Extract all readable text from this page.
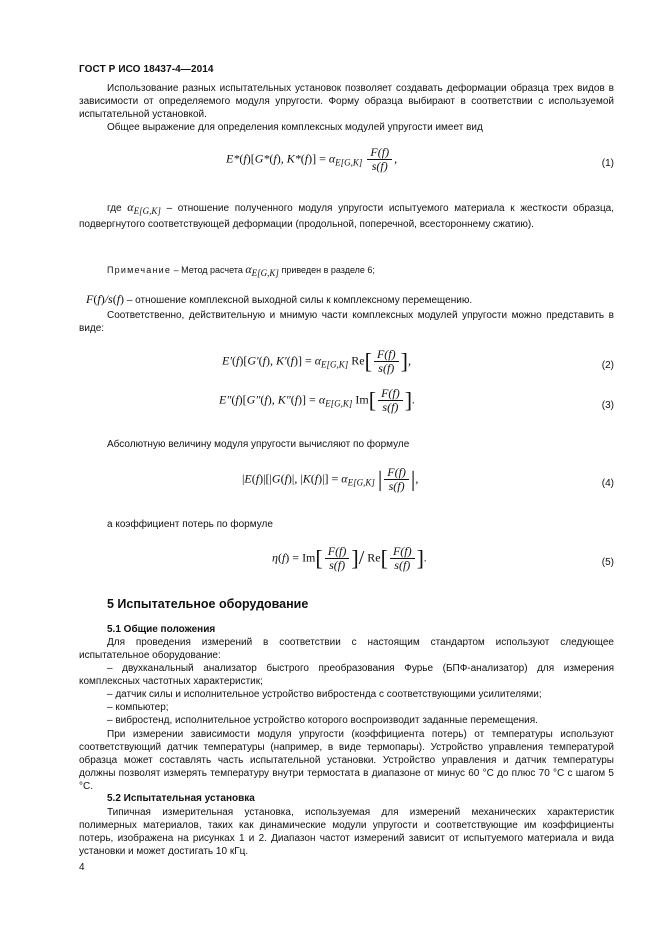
ГОСТ Р ИСО 18437-4—2014

Использование разных испытательных установок позволяет создавать деформации образца трех видов в зависимости от определяемого модуля упругости. Форму образца выбирают в соответствии с используемой испытательной установкой.

Общее выражение для определения комплексных модулей упругости имеет вид

E*(f)[G*(f), $K*(f)] = \alpha_{E[G,K]} \frac{F(f)}{s(f)}$ ,	(1)
где $\alpha_{E[G,K]}$ – отношение полученного модуля упругости испытуемого материала к жесткости образца, подвергнутого соответствующей деформации (продольной, поперечной, всестороннему сжатию).
Примечание – Метод расчета $\alpha_{E[G,K]}$ приведен в разделе 6;
F(f)/s(f) – отношение комплексной выходной силы к комплексному перемещению.

Соответственно, действительную и мнимую части комплексных модулей упругости можно представить в виде:

E′(f)[G′(f), $K'(f)] = \alpha_{E[G,K]}$ $Re[ \frac{F(f)}{s(f)}$ ],	(2)
E″(f)[G″(f), $K''(f)] = \alpha_{E[G,K]}$ $Im[ \frac{F(f)}{s(f)}$ ].	(3)

Абсолютную величину модуля упругости вычисляют по формуле

|E(f)|[|G(f)|, $|K(f)|] = \alpha_{E[G,K]}$ | $\frac{F(f)}{s(f)}$ |,	(4)

а коэффициент потерь по формуле

$\eta(f) = Im[ \frac{F(f)}{s(f)}$ ]/ $Re[ \frac{F(f)}{s(f)}$ ].	(5)
5 Испытательное оборудование
5.1 Общие положения

Для проведения измерений в соответствии с настоящим стандартом используют следующее испытательное оборудование:

– двухканальный анализатор быстрого преобразования Фурье (БПФ-анализатор) для измерения комплексных частотных характеристик;

– датчик силы и исполнительное устройство вибростенда с соответствующими усилителями;

– компьютер;

– вибростенд, исполнительное устройство которого воспроизводит заданные перемещения.

При измерении зависимости модуля упругости (коэффициента потерь) от температуры используют соответствующий датчик температуры (например, в виде термопары). Устройство управления температурой образца может составлять часть испытательной установки. Устройство управления и датчик температуры должны позволят измерять температуру внутри термостата в диапазоне от минус 60 °С до плюс 70 °С с шагом 5 °С.

5.2 Испытательная установка

Типичная измерительная установка, используемая для измерений механических характеристик полимерных материалов, таких как динамические модули упругости и соответствующие им коэффициенты потерь, изображена на рисунках 1 и 2. Диапазон частот измерений зависит от испытуемого материала и вида установки и может достигать 10 кГц.

4
